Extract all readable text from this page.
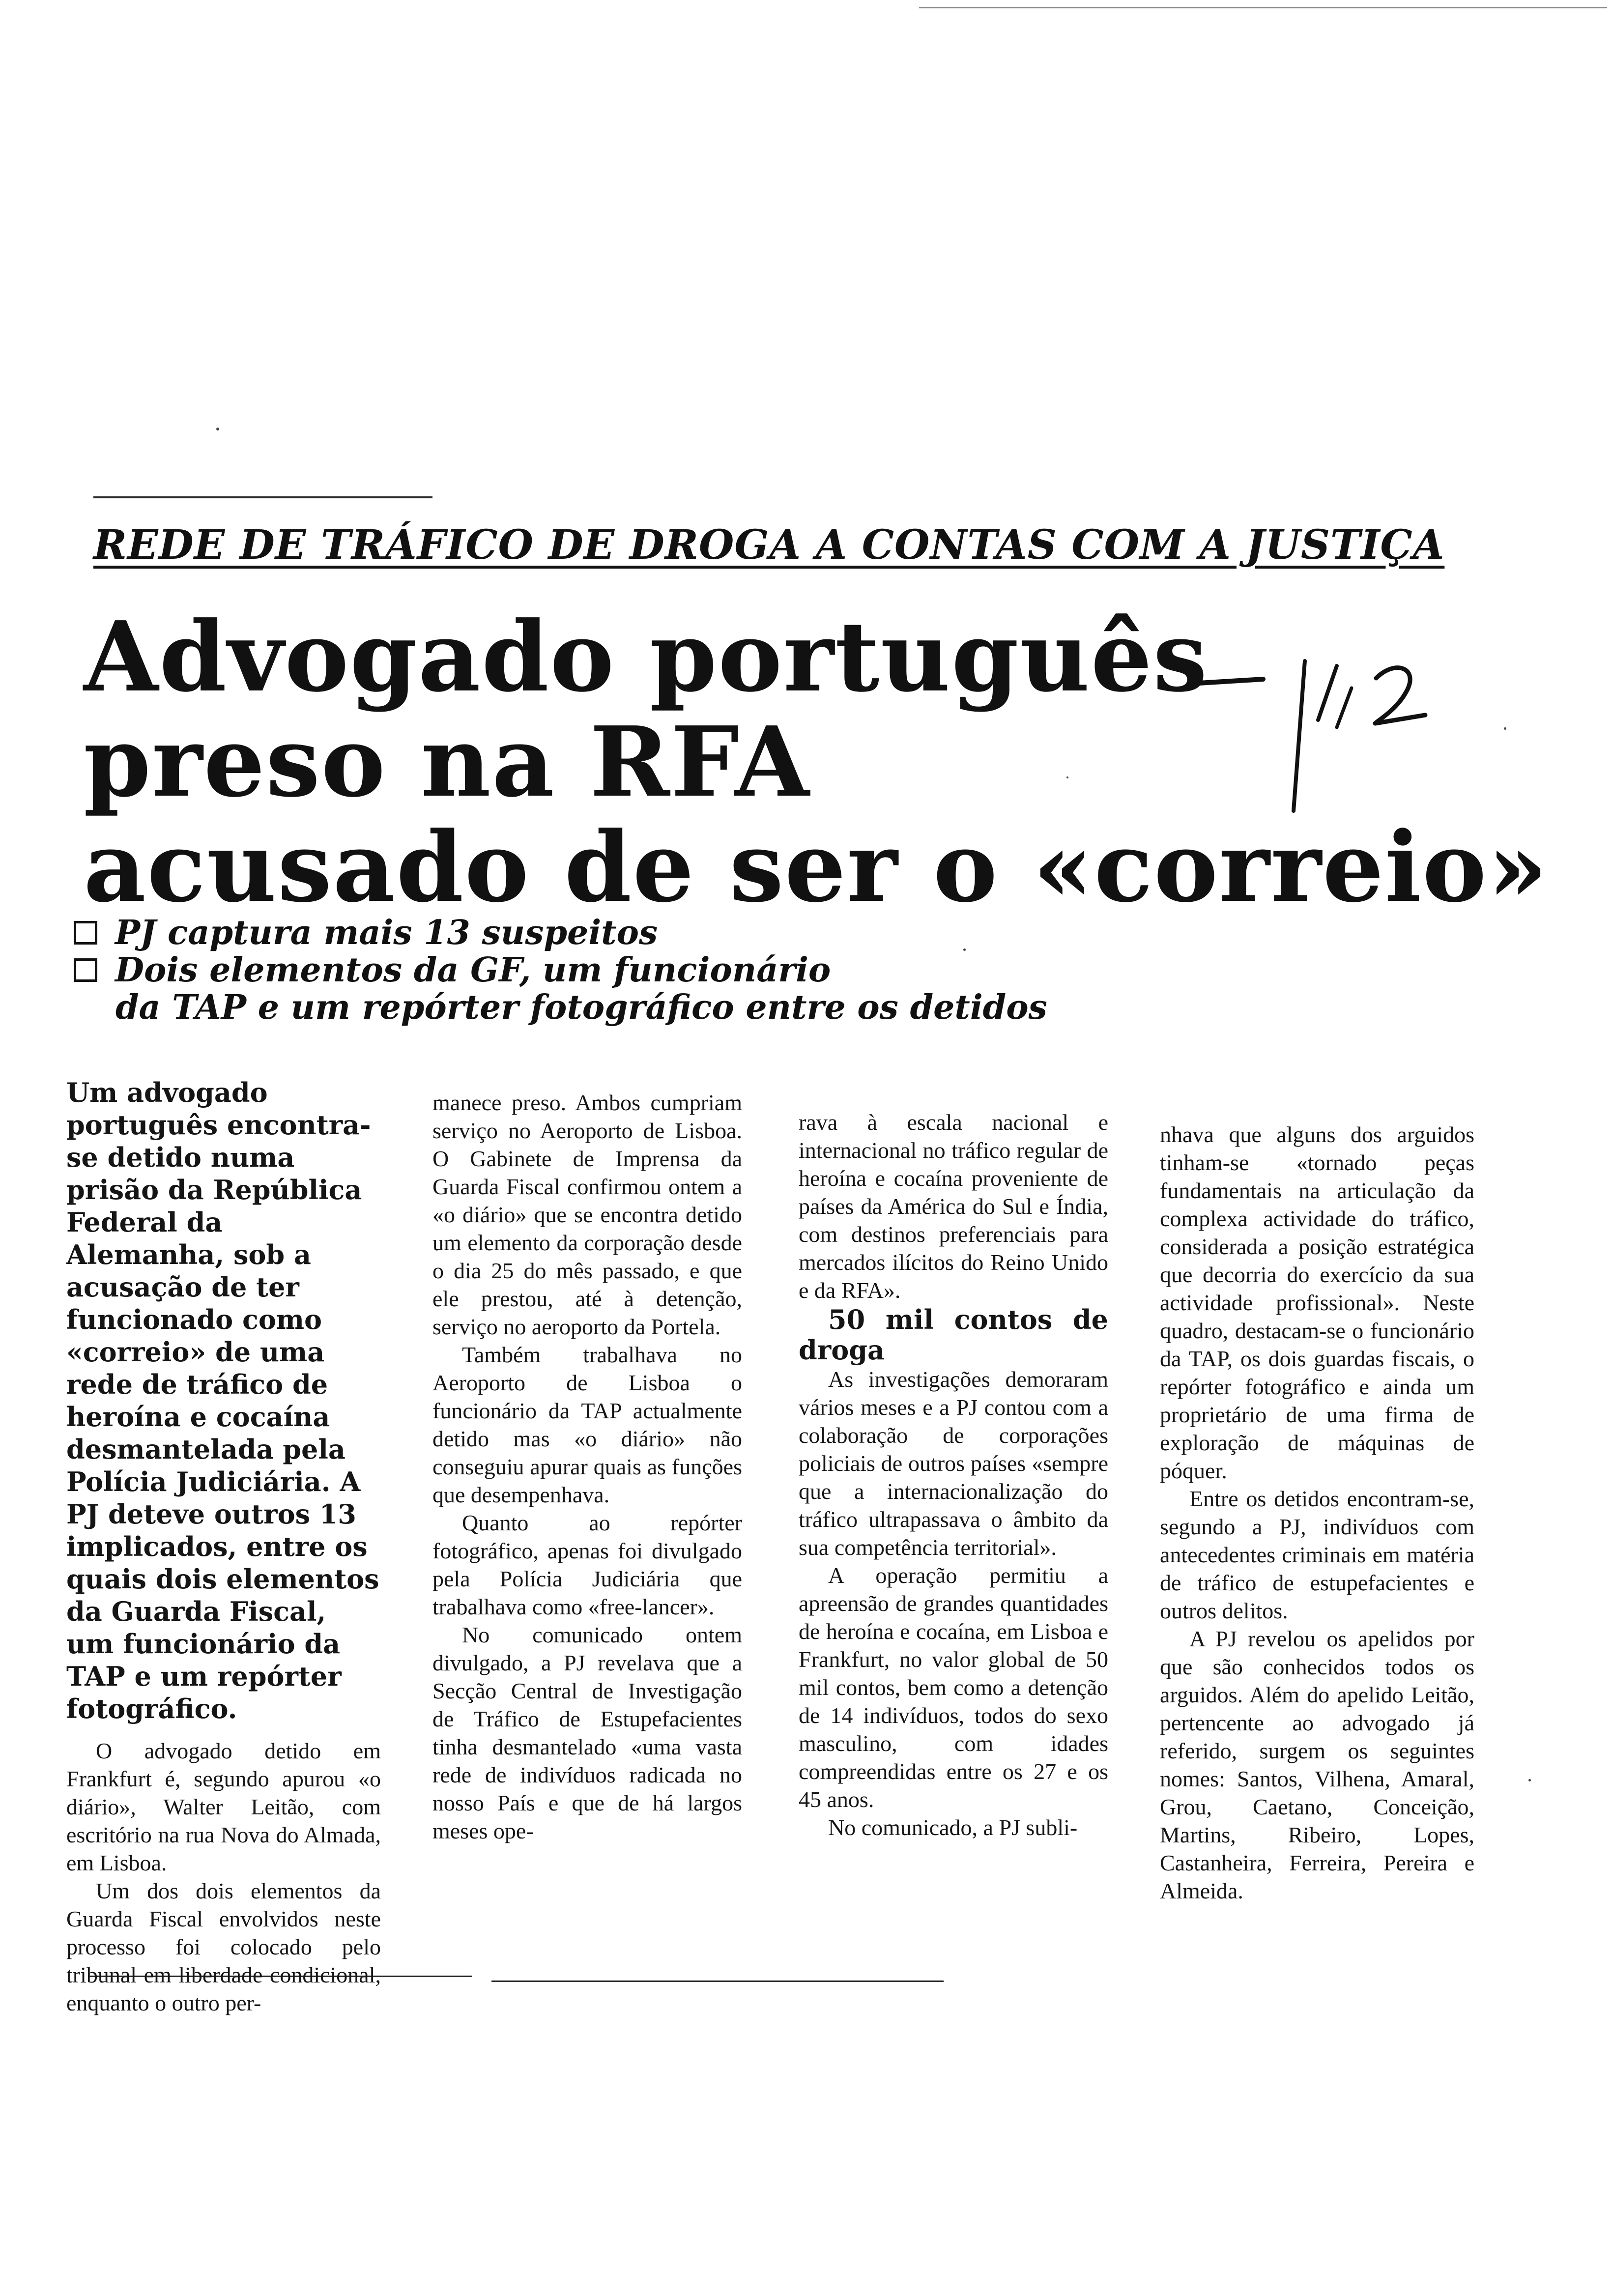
REDE DE TRÁFICO DE DROGA A CONTAS COM A JUSTIÇA
Advogado português
preso na RFA
acusado de ser o «correio»
PJ captura mais 13 suspeitos
Dois elementos da GF, um funcionário
da TAP e um repórter fotográfico entre os detidos

Um advogado português encontra-se detido numa prisão da República Federal da Alemanha, sob a acusação de ter funcionado como «correio» de uma rede de tráfico de heroína e cocaína desmantelada pela Polícia Judiciária. A PJ deteve outros 13 implicados, entre os quais dois elementos da Guarda Fiscal, um funcionário da TAP e um repórter fotográfico.

O advogado detido em Frankfurt é, segundo apurou «o diário», Walter Leitão, com escritório na rua Nova do Almada, em Lisboa.

Um dos dois elementos da Guarda Fiscal envolvidos neste processo foi colocado pelo tribunal em liberdade condicional, enquanto o outro per-

manece preso. Ambos cumpriam serviço no Aeroporto de Lisboa. O Gabinete de Imprensa da Guarda Fiscal confirmou ontem a «o diário» que se encontra detido um elemento da corporação desde o dia 25 do mês passado, e que ele prestou, até à detenção, serviço no aeroporto da Portela.

Também trabalhava no Aeroporto de Lisboa o funcionário da TAP actualmente detido mas «o diário» não conseguiu apurar quais as funções que desempenhava.

Quanto ao repórter fotográfico, apenas foi divulgado pela Polícia Judiciária que trabalhava como «free-lancer».

No comunicado ontem divulgado, a PJ revelava que a Secção Central de Investigação de Tráfico de Estupefacientes tinha desmantelado «uma vasta rede de indivíduos radicada no nosso País e que de há largos meses ope-

rava à escala nacional e internacional no tráfico regular de heroína e cocaína proveniente de países da América do Sul e Índia, com destinos preferenciais para mercados ilícitos do Reino Unido e da RFA».

50 mil contos de droga

As investigações demoraram vários meses e a PJ contou com a colaboração de corporações policiais de outros países «sempre que a internacionalização do tráfico ultrapassava o âmbito da sua competência territorial».

A operação permitiu a apreensão de grandes quantidades de heroína e cocaína, em Lisboa e Frankfurt, no valor global de 50 mil contos, bem como a detenção de 14 indivíduos, todos do sexo masculino, com idades compreendidas entre os 27 e os 45 anos.

No comunicado, a PJ subli-

nhava que alguns dos arguidos tinham-se «tornado peças fundamentais na articulação da complexa actividade do tráfico, considerada a posição estratégica que decorria do exercício da sua actividade profissional». Neste quadro, destacam-se o funcionário da TAP, os dois guardas fiscais, o repórter fotográfico e ainda um proprietário de uma firma de exploração de máquinas de póquer.

Entre os detidos encontram-se, segundo a PJ, indivíduos com antecedentes criminais em matéria de tráfico de estupefacientes e outros delitos.

A PJ revelou os apelidos por que são conhecidos todos os arguidos. Além do apelido Leitão, pertencente ao advogado já referido, surgem os seguintes nomes: Santos, Vilhena, Amaral, Grou, Caetano, Conceição, Martins, Ribeiro, Lopes, Castanheira, Ferreira, Pereira e Almeida.
